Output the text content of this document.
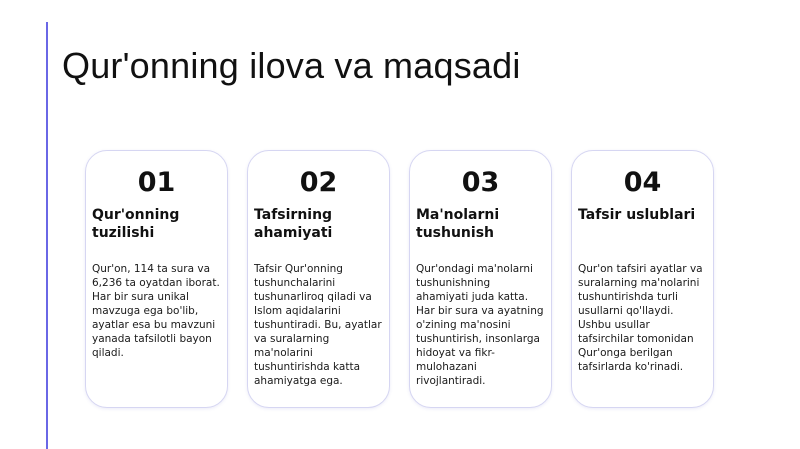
Qur'onning ilova va maqsadi
01
Qur'onning tuzilishi
Qur'on, 114 ta sura va 6,236 ta oyatdan iborat. Har bir sura unikal mavzuga ega bo'lib, ayatlar esa bu mavzuni yanada tafsilotli bayon qiladi.
02
Tafsirning ahamiyati
Tafsir Qur'onning tushunchalarini tushunarliroq qiladi va Islom aqidalarini tushuntiradi. Bu, ayatlar va suralarning ma'nolarini tushuntirishda katta ahamiyatga ega.
03
Ma'nolarni tushunish
Qur'ondagi ma'nolarni tushunishning ahamiyati juda katta. Har bir sura va ayatning o'zining ma'nosini tushuntirish, insonlarga hidoyat va fikr-mulohazani rivojlantiradi.
04
Tafsir uslublari
Qur'on tafsiri ayatlar va suralarning ma'nolarini tushuntirishda turli usullarni qo'llaydi. Ushbu usullar tafsirchilar tomonidan Qur'onga berilgan tafsirlarda ko'rinadi.
